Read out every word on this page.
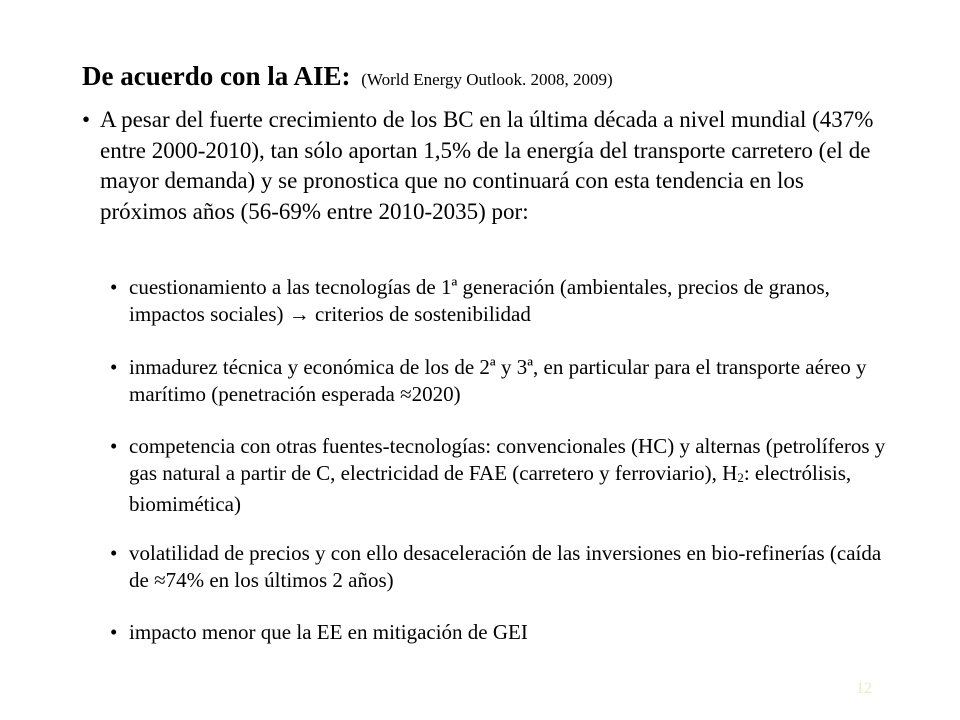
De acuerdo con la AIE: (World Energy Outlook. 2008, 2009)
• A pesar del fuerte crecimiento de los BC en la última década a nivel mundial (437% entre 2000-2010), tan sólo aportan 1,5% de la energía del transporte carretero (el de mayor demanda) y se pronostica que no continuará con esta tendencia en los próximos años (56-69% entre 2010-2035) por:
• cuestionamiento a las tecnologías de 1ª generación (ambientales, precios de granos, impactos sociales) → criterios de sostenibilidad
• inmadurez técnica y económica de los de 2ª y 3ª, en particular para el transporte aéreo y marítimo (penetración esperada ≈2020)
• competencia con otras fuentes-tecnologías: convencionales (HC) y alternas (petrolíferos y gas natural a partir de C, electricidad de FAE (carretero y ferroviario), H2: electrólisis, biomimética)
• volatilidad de precios y con ello desaceleración de las inversiones en bio-refinerías (caída de ≈74% en los últimos 2 años)
• impacto menor que la EE en mitigación de GEI
12
